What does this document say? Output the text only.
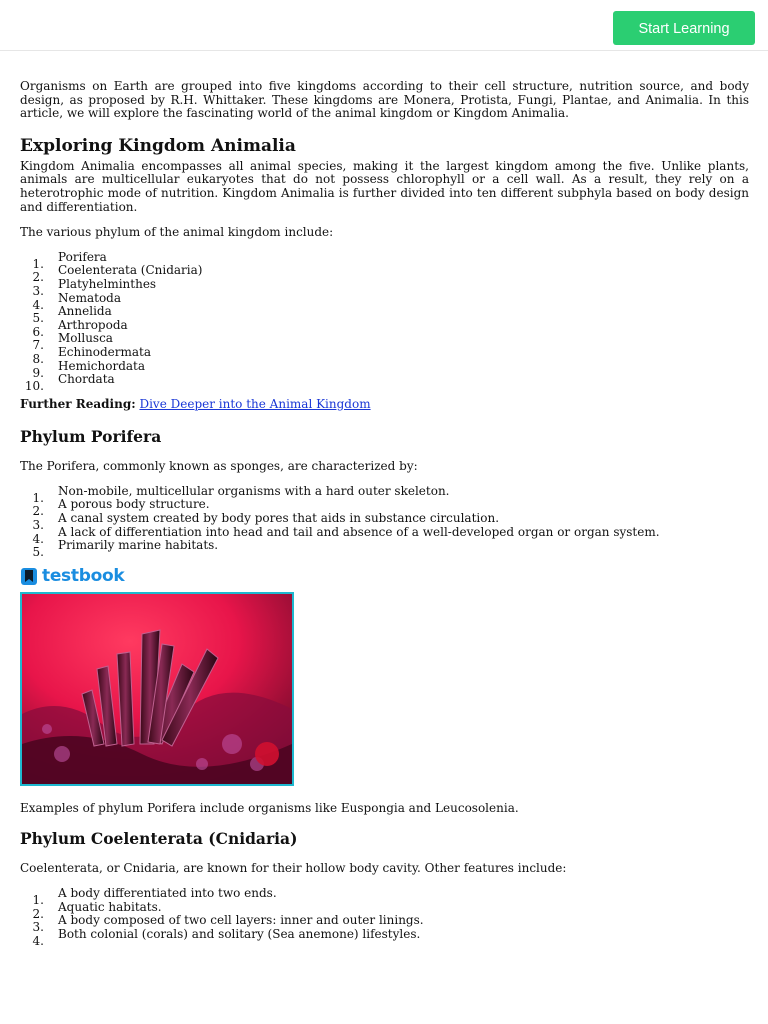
Start Learning

Organisms on Earth are grouped into five kingdoms according to their cell structure, nutrition source, and body design, as proposed by R.H. Whittaker. These kingdoms are Monera, Protista, Fungi, Plantae, and Animalia. In this article, we will explore the fascinating world of the animal kingdom or Kingdom Animalia.

Exploring Kingdom Animalia

Kingdom Animalia encompasses all animal species, making it the largest kingdom among the five. Unlike plants, animals are multicellular eukaryotes that do not possess chlorophyll or a cell wall. As a result, they rely on a heterotrophic mode of nutrition. Kingdom Animalia is further divided into ten different subphyla based on body design and differentiation.

The various phylum of the animal kingdom include:

1. Porifera
2. Coelenterata (Cnidaria)
3. Platyhelminthes
4. Nematoda
5. Annelida
6. Arthropoda
7. Mollusca
8. Echinodermata
9. Hemichordata
10. Chordata

Further Reading: Dive Deeper into the Animal Kingdom

Phylum Porifera

The Porifera, commonly known as sponges, are characterized by:

1. Non-mobile, multicellular organisms with a hard outer skeleton.
2. A porous body structure.
3. A canal system created by body pores that aids in substance circulation.
4. A lack of differentiation into head and tail and absence of a well-developed organ or organ system.
5. Primarily marine habitats.
testbook

Examples of phylum Porifera include organisms like Euspongia and Leucosolenia.

Phylum Coelenterata (Cnidaria)

Coelenterata, or Cnidaria, are known for their hollow body cavity. Other features include:

1. A body differentiated into two ends.
2. Aquatic habitats.
3. A body composed of two cell layers: inner and outer linings.
4. Both colonial (corals) and solitary (Sea anemone) lifestyles.
